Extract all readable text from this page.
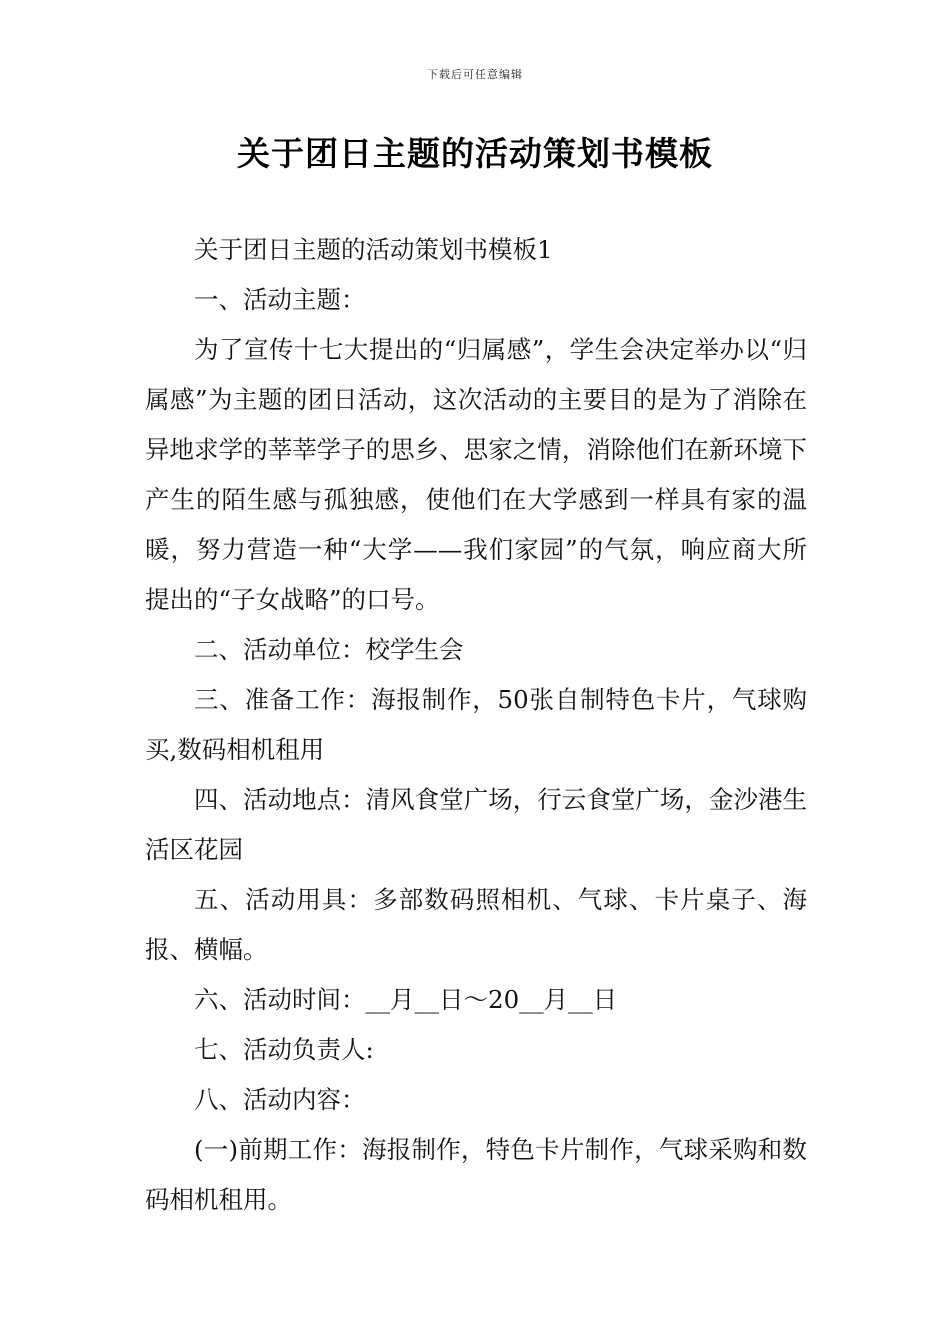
下载后可任意编辑
关于团日主题的活动策划书模板

关于团日主题的活动策划书模板1

一、活动主题：

为了宣传十七大提出的“归属感”，学生会决定举办以“归属感”为主题的团日活动，这次活动的主要目的是为了消除在异地求学的莘莘学子的思乡、思家之情，消除他们在新环境下产生的陌生感与孤独感，使他们在大学感到一样具有家的温暖，努力营造一种“大学——我们家园”的气氛，响应商大所提出的“子女战略”的口号。

二、活动单位：校学生会

三、准备工作：海报制作，50张自制特色卡片，气球购买,数码相机租用

四、活动地点：清风食堂广场，行云食堂广场，金沙港生活区花园

五、活动用具：多部数码照相机、气球、卡片桌子、海报、横幅。

六、活动时间：__月__日～20__月__日

七、活动负责人:

八、活动内容：

(一)前期工作：海报制作，特色卡片制作，气球采购和数码相机租用。
